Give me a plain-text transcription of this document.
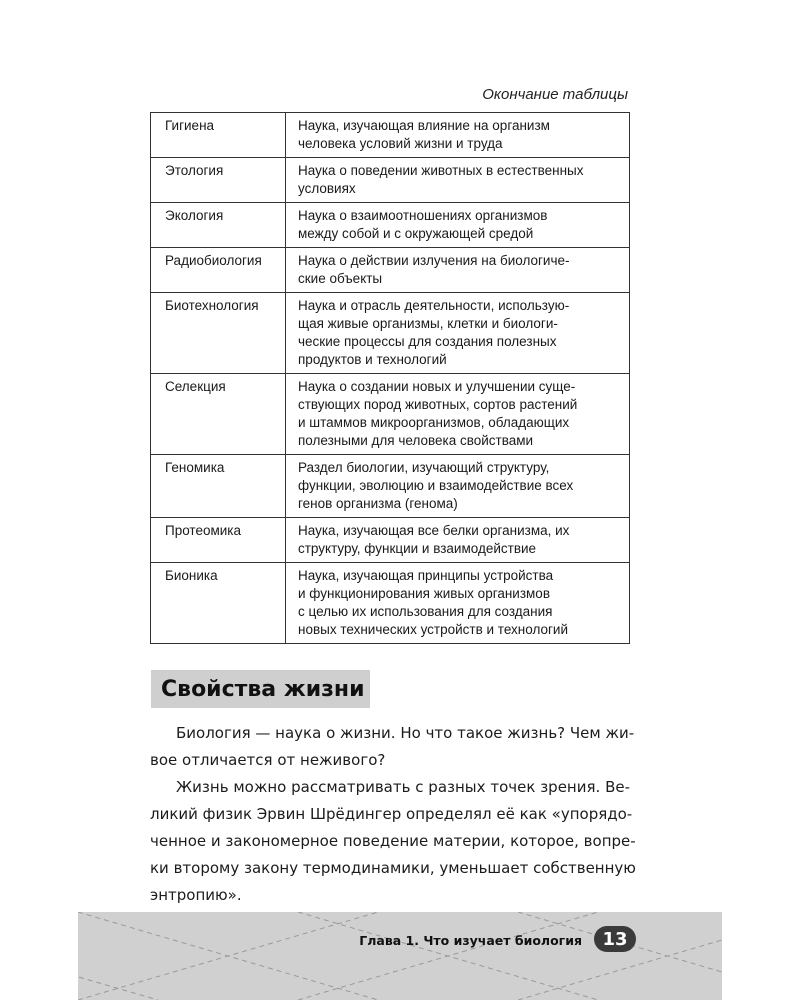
Окончание таблицы
Гигиена	Наука, изучающая влияние на организм
человека условий жизни и труда

Этология	Наука о поведении животных в естественных
условиях

Экология	Наука о взаимоотношениях организмов
между собой и с окружающей средой

Радиобиология	Наука о действии излучения на биологиче-
ские объекты

Биотехнология	Наука и отрасль деятельности, использую-
щая живые организмы, клетки и биологи-
ческие процессы для создания полезных
продуктов и технологий

Селекция	Наука о создании новых и улучшении суще-
ствующих пород животных, сортов растений
и штаммов микроорганизмов, обладающих
полезными для человека свойствами

Геномика	Раздел биологии, изучающий структуру,
функции, эволюцию и взаимодействие всех
генов организма (генома)

Протеомика	Наука, изучающая все белки организма, их
структуру, функции и взаимодействие

Бионика	Наука, изучающая принципы устройства
и функционирования живых организмов
с целью их использования для создания
новых технических устройств и технологий
Свойства жизни
Биология — наука о жизни. Но что такое жизнь? Чем жи-
вое отличается от неживого?
Жизнь можно рассматривать с разных точек зрения. Ве-
ликий физик Эрвин Шрёдингер определял её как «упорядо-
ченное и закономерное поведение материи, которое, вопре-
ки второму закону термодинамики, уменьшает собственную
энтропию».
Глава 1. Что изучает биология	13
